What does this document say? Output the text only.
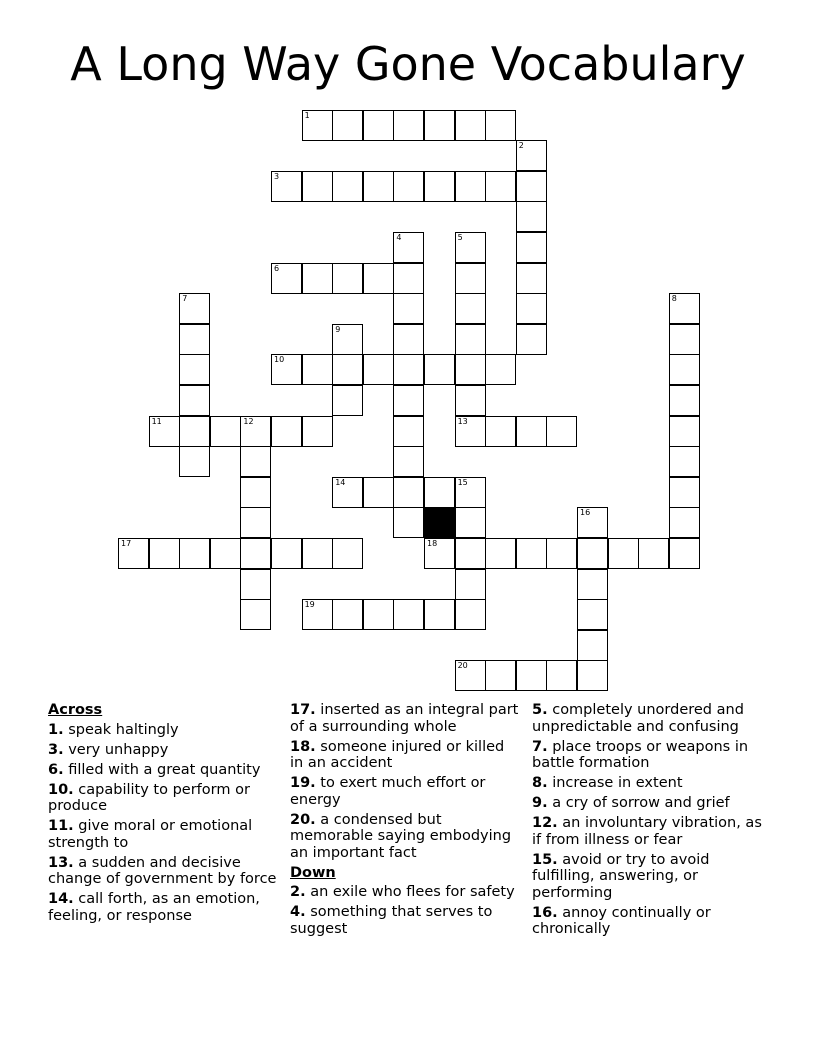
A Long Way Gone Vocabulary
1
2
3
4	5
6
7	8
9
10
11	12	13
14	15
16
17	18
19
20
Across
1. speak haltingly
3. very unhappy
6. filled with a great quantity
10. capability to perform or produce
11. give moral or emotional strength to
13. a sudden and decisive change of government by force
14. call forth, as an emotion, feeling, or response
17. inserted as an integral part of a surrounding whole
18. someone injured or killed in an accident
19. to exert much effort or energy
20. a condensed but memorable saying embodying an important fact
Down
2. an exile who flees for safety
4. something that serves to suggest
5. completely unordered and unpredictable and confusing
7. place troops or weapons in battle formation
8. increase in extent
9. a cry of sorrow and grief
12. an involuntary vibration, as if from illness or fear
15. avoid or try to avoid fulfilling, answering, or performing
16. annoy continually or chronically
